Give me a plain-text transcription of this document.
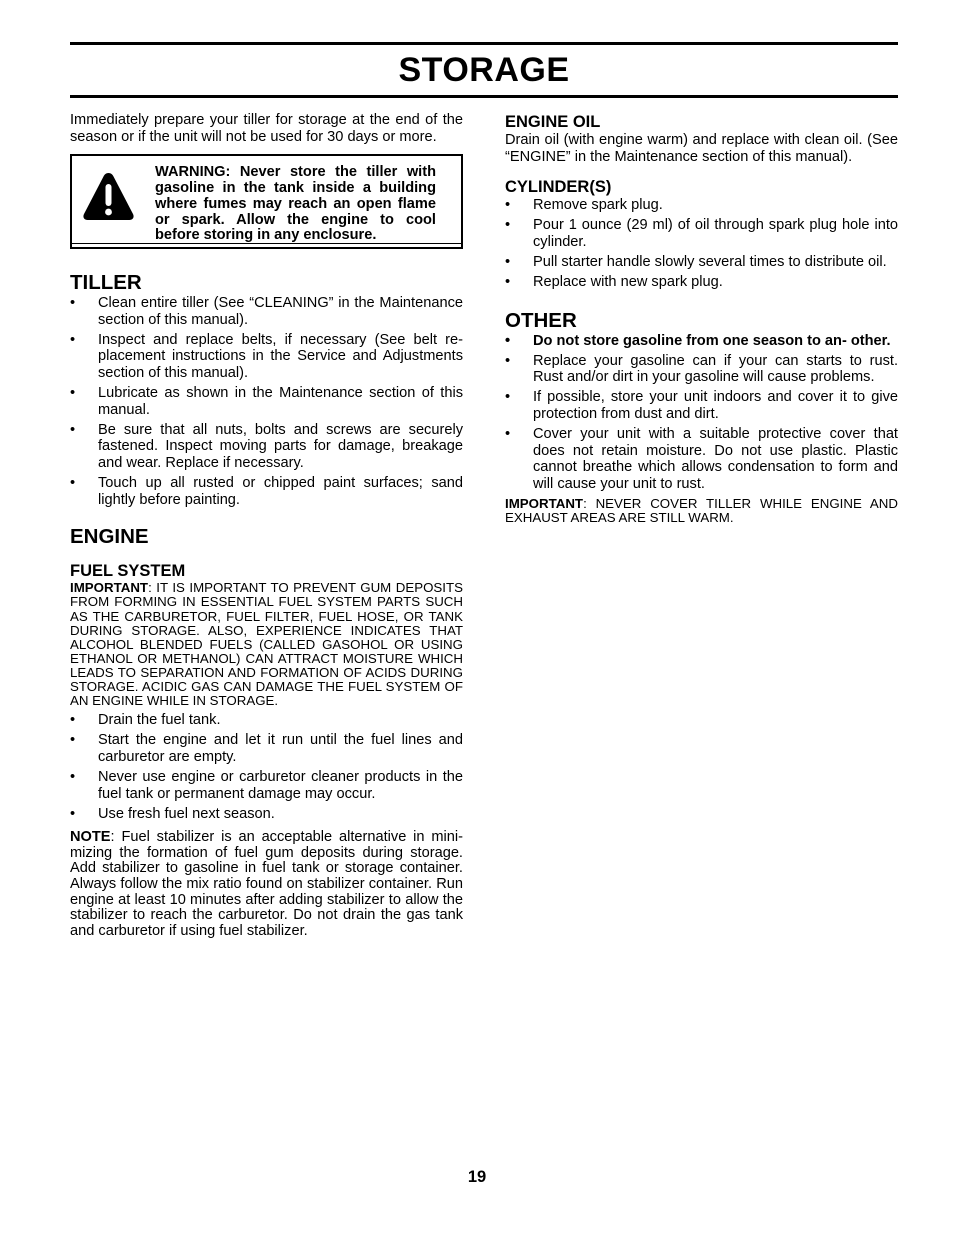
STORAGE

Immediately prepare your tiller for storage at the end of the season or if the unit will not be used for 30 days or more.

WARNING: Never store the tiller with gasoline in the tank inside a building where fumes may reach an open flame or spark. Allow the engine to cool before storing in any enclosure.

TILLER
• Clean entire tiller (See “CLEANING” in the Maintenance section of this manual).
• Inspect and replace belts, if necessary (See belt re- placement instructions in the Service and Adjustments section of this manual).
• Lubricate as shown in the Maintenance section of this manual.
• Be sure that all nuts, bolts and screws are securely fastened. Inspect moving parts for damage, breakage and wear. Replace if necessary.
• Touch up all rusted or chipped paint surfaces; sand lightly before painting.
ENGINE
FUEL SYSTEM

IMPORTANT: IT IS IMPORTANT TO PREVENT GUM DEPOSITS FROM FORMING IN ESSENTIAL FUEL SYSTEM PARTS SUCH AS THE CARBURETOR, FUEL FILTER, FUEL HOSE, OR TANK DURING STORAGE. ALSO, EXPERIENCE INDICATES THAT ALCOHOL BLENDED FUELS (CALLED GASOHOL OR USING ETHANOL OR METHANOL) CAN ATTRACT MOISTURE WHICH LEADS TO SEPARATION AND FORMATION OF ACIDS DURING STORAGE. ACIDIC GAS CAN DAMAGE THE FUEL SYSTEM OF AN ENGINE WHILE IN STORAGE.

• Drain the fuel tank.
• Start the engine and let it run until the fuel lines and carburetor are empty.
• Never use engine or carburetor cleaner products in the fuel tank or permanent damage may occur.
• Use fresh fuel next season.

NOTE: Fuel stabilizer is an acceptable alternative in mini- mizing the formation of fuel gum deposits during storage. Add stabilizer to gasoline in fuel tank or storage container. Always follow the mix ratio found on stabilizer container. Run engine at least 10 minutes after adding stabilizer to allow the stabilizer to reach the carburetor. Do not drain the gas tank and carburetor if using fuel stabilizer.

ENGINE OIL

Drain oil (with engine warm) and replace with clean oil. (See “ENGINE” in the Maintenance section of this manual).

CYLINDER(S)
• Remove spark plug.
• Pour 1 ounce (29 ml) of oil through spark plug hole into cylinder.
• Pull starter handle slowly several times to distribute oil.
• Replace with new spark plug.
OTHER
• Do not store gasoline from one season to an- other.
• Replace your gasoline can if your can starts to rust. Rust and/or dirt in your gasoline will cause problems.
• If possible, store your unit indoors and cover it to give protection from dust and dirt.
• Cover your unit with a suitable protective cover that does not retain moisture. Do not use plastic. Plastic cannot breathe which allows condensation to form and will cause your unit to rust.

IMPORTANT: NEVER COVER TILLER WHILE ENGINE AND EXHAUST AREAS ARE STILL WARM.

19
